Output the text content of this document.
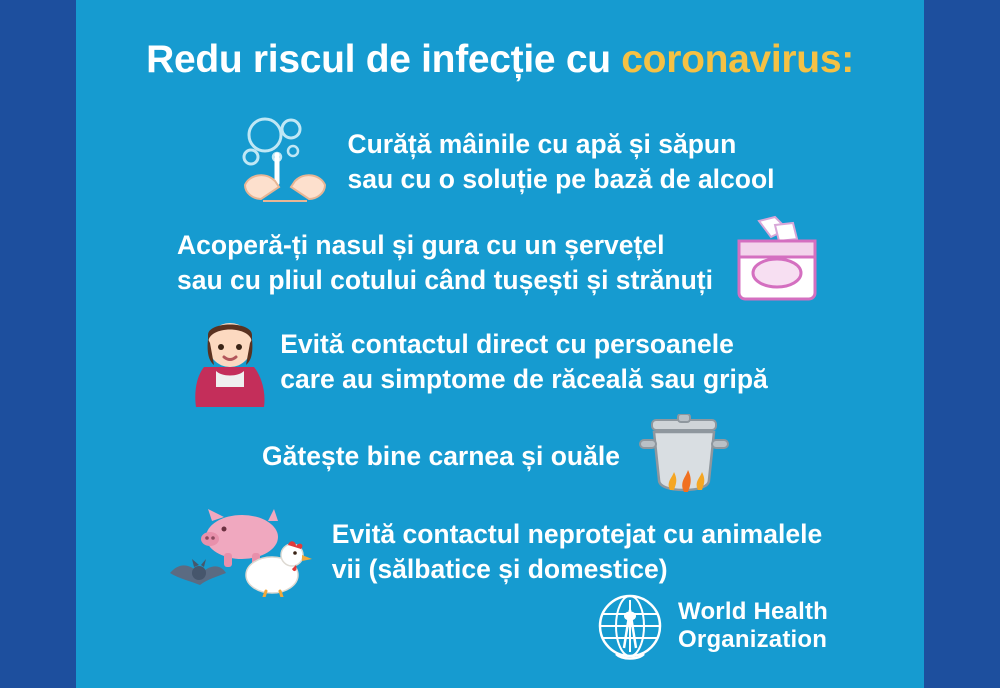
Redu riscul de infecție cu coronavirus:
Curăță mâinile cu apă și săpun
sau cu o soluție pe bază de alcool
Acoperă-ți nasul și gura cu un șervețel
sau cu pliul cotului când tușești și strănuți
Evită contactul direct cu persoanele
care au simptome de răceală sau gripă
Gătește bine carnea și ouăle
Evită contactul neprotejat cu animalele
vii (sălbatice și domestice)
World Health
Organization
